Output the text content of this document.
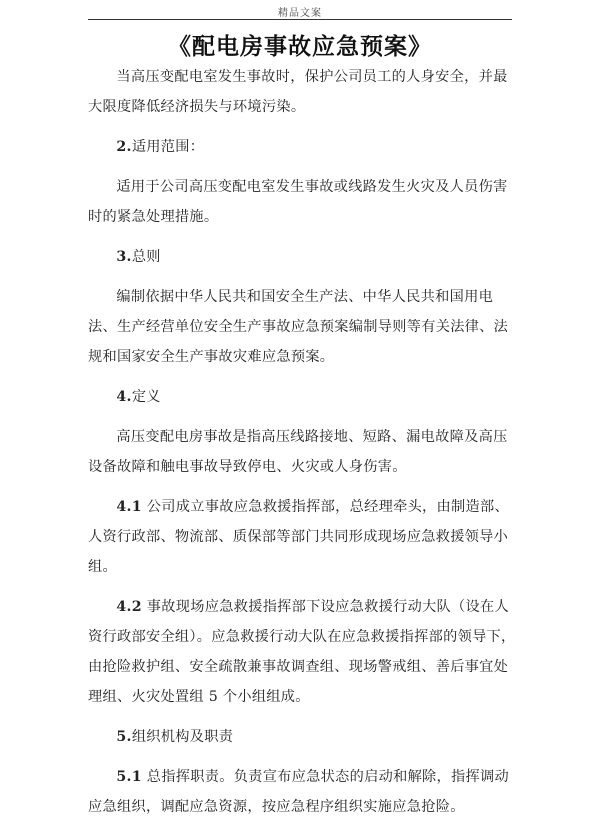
精品文案
《配电房事故应急预案》

当高压变配电室发生事故时，保护公司员工的人身安全，并最大限度降低经济损失与环境污染。

2.适用范围：

适用于公司高压变配电室发生事故或线路发生火灾及人员伤害时的紧急处理措施。

3.总则

编制依据中华人民共和国安全生产法、中华人民共和国用电法、生产经营单位安全生产事故应急预案编制导则等有关法律、法规和国家安全生产事故灾难应急预案。

4.定义

高压变配电房事故是指高压线路接地、短路、漏电故障及高压设备故障和触电事故导致停电、火灾或人身伤害。

4.1 公司成立事故应急救援指挥部，总经理牵头，由制造部、人资行政部、物流部、质保部等部门共同形成现场应急救援领导小组。

4.2 事故现场应急救援指挥部下设应急救援行动大队（设在人资行政部安全组）。应急救援行动大队在应急救援指挥部的领导下，由抢险救护组、安全疏散兼事故调查组、现场警戒组、善后事宜处理组、火灾处置组 5 个小组组成。

5.组织机构及职责

5.1 总指挥职责。负责宣布应急状态的启动和解除，指挥调动应急组织，调配应急资源，按应急程序组织实施应急抢险。
